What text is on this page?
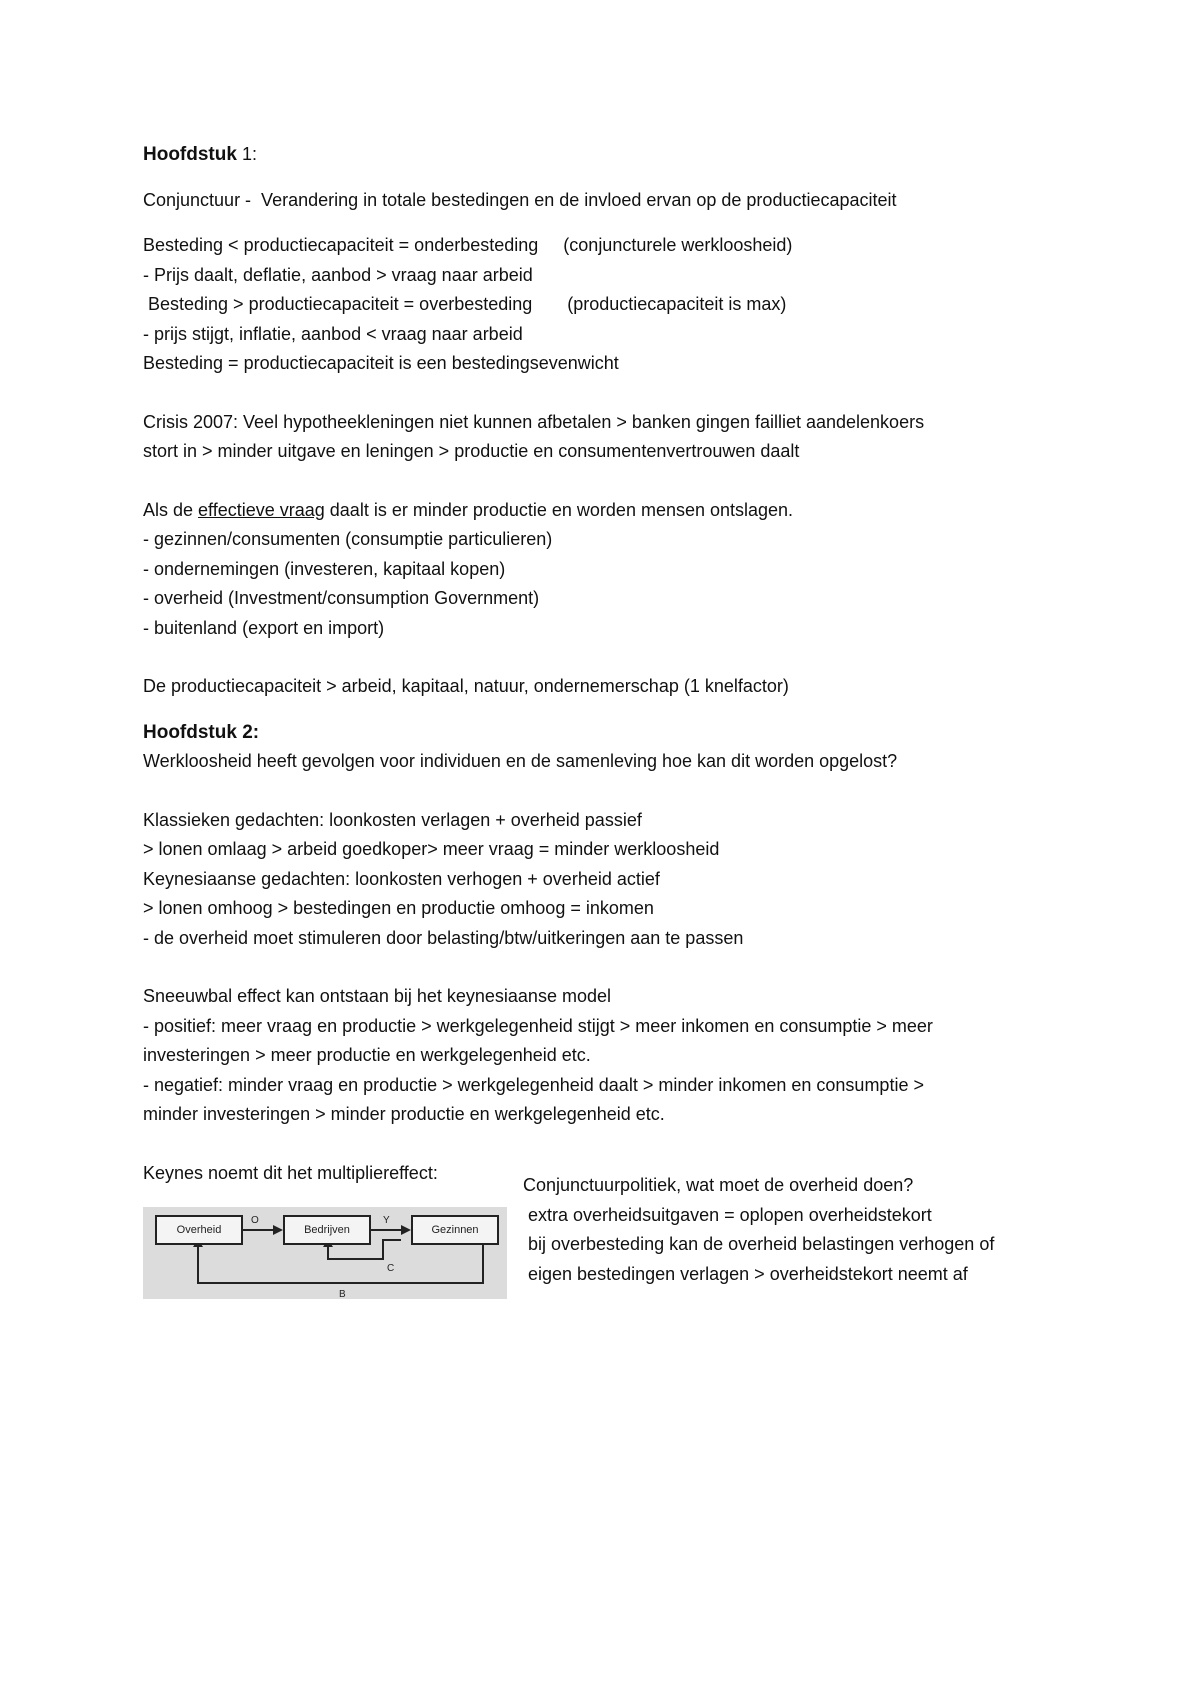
Hoofdstuk 1:

Conjunctuur -  Verandering in totale bestedingen en de invloed ervan op de productiecapaciteit

Besteding < productiecapaciteit = onderbesteding     (conjuncturele werkloosheid)

- Prijs daalt, deflatie, aanbod > vraag naar arbeid

Besteding > productiecapaciteit = overbesteding       (productiecapaciteit is max)

- prijs stijgt, inflatie, aanbod < vraag naar arbeid

Besteding = productiecapaciteit is een bestedingsevenwicht

Crisis 2007: Veel hypotheekleningen niet kunnen afbetalen > banken gingen failliet aandelenkoers

stort in > minder uitgave en leningen > productie en consumentenvertrouwen daalt

Als de effectieve vraag daalt is er minder productie en worden mensen ontslagen.

- gezinnen/consumenten (consumptie particulieren)

- ondernemingen (investeren, kapitaal kopen)

- overheid (Investment/consumption Government)

- buitenland (export en import)

De productiecapaciteit > arbeid, kapitaal, natuur, ondernemerschap (1 knelfactor)

Hoofdstuk 2:

Werkloosheid heeft gevolgen voor individuen en de samenleving hoe kan dit worden opgelost?

Klassieken gedachten: loonkosten verlagen + overheid passief

> lonen omlaag > arbeid goedkoper> meer vraag = minder werkloosheid

Keynesiaanse gedachten: loonkosten verhogen + overheid actief

> lonen omhoog > bestedingen en productie omhoog = inkomen

- de overheid moet stimuleren door belasting/btw/uitkeringen aan te passen

Sneeuwbal effect kan ontstaan bij het keynesiaanse model

- positief: meer vraag en productie > werkgelegenheid stijgt > meer inkomen en consumptie > meer

investeringen > meer productie en werkgelegenheid etc.

- negatief: minder vraag en productie > werkgelegenheid daalt > minder inkomen en consumptie >

minder investeringen > minder productie en werkgelegenheid etc.

Keynes noemt dit het multipliereffect:

Conjunctuurpolitiek, wat moet de overheid doen?

extra overheidsuitgaven = oplopen overheidstekort

bij overbesteding kan de overheid belastingen verhogen of

eigen bestedingen verlagen > overheidstekort neemt af

O	Y
C
B
Overheid	Bedrijven	Gezinnen
